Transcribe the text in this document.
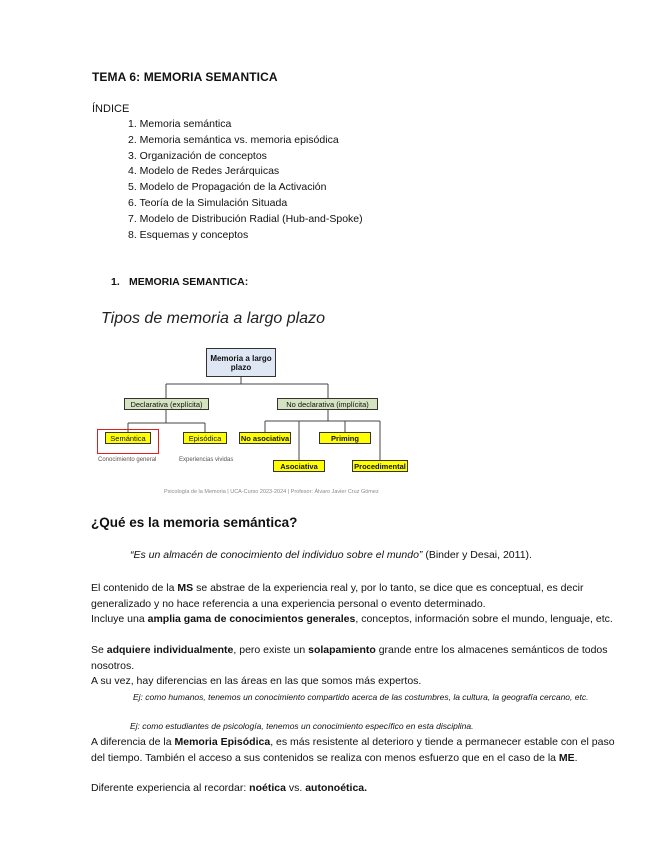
TEMA 6: MEMORIA SEMANTICA
ÍNDICE
1. Memoria semántica
2. Memoria semántica vs. memoria episódica
3. Organización de conceptos
4. Modelo de Redes Jerárquicas
5. Modelo de Propagación de la Activación
6. Teoría de la Simulación Situada
7. Modelo de Distribución Radial (Hub-and-Spoke)
8. Esquemas y conceptos
1. MEMORIA SEMANTICA:
Tipos de memoria a largo plazo
Memoria a largo plazo
Declarativa (explícita)	No declarativa (implícita)
Semántica	Episódica	No asociativa	Priming
Asociativa	Procedimental
Conocimiento general	Experiencias vividas
Psicología de la Memoria | UCA-Curso 2023-2024 | Profesor: Álvaro Javier Cruz Gómez
¿Qué es la memoria semántica?
“Es un almacén de conocimiento del individuo sobre el mundo” (Binder y Desai, 2011).

El contenido de la MS se abstrae de la experiencia real y, por lo tanto, se dice que es conceptual, es decir generalizado y no hace referencia a una experiencia personal o evento determinado.

Incluye una amplia gama de conocimientos generales, conceptos, información sobre el mundo, lenguaje, etc.

Se adquiere individualmente, pero existe un solapamiento grande entre los almacenes semánticos de todos nosotros.

A su vez, hay diferencias en las áreas en las que somos más expertos.

Ej: como humanos, tenemos un conocimiento compartido acerca de las costumbres, la cultura, la geografía cercano, etc.
Ej: como estudiantes de psicología, tenemos un conocimiento específico en esta disciplina.

A diferencia de la Memoria Episódica, es más resistente al deterioro y tiende a permanecer estable con el paso del tiempo. También el acceso a sus contenidos se realiza con menos esfuerzo que en el caso de la ME.

Diferente experiencia al recordar: noética vs. autonoética.
